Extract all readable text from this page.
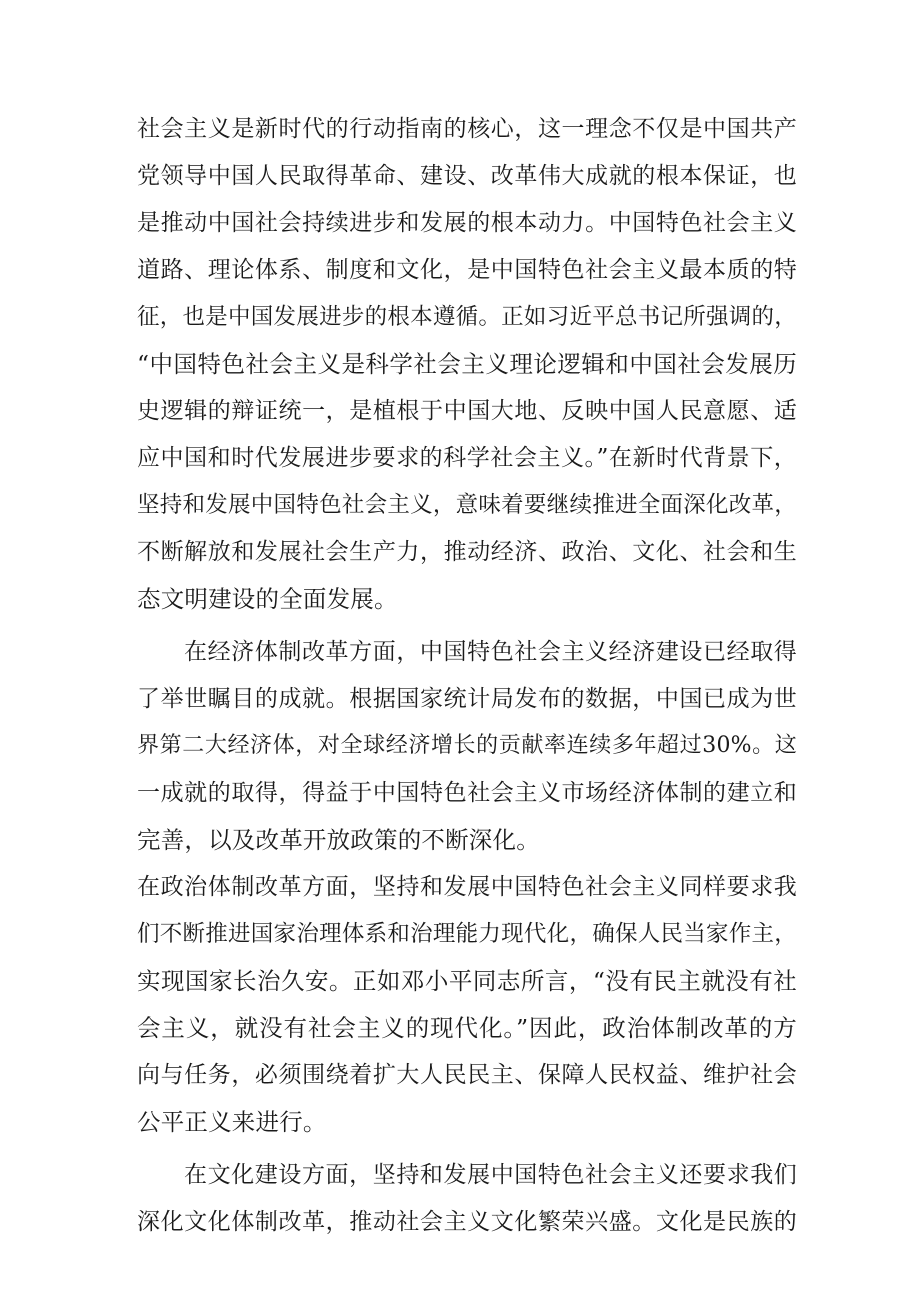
社会主义是新时代的行动指南的核心，这一理念不仅是中国共产
党领导中国人民取得革命、建设、改革伟大成就的根本保证，也
是推动中国社会持续进步和发展的根本动力。中国特色社会主义
道路、理论体系、制度和文化，是中国特色社会主义最本质的特
征，也是中国发展进步的根本遵循。正如习近平总书记所强调的，
“中国特色社会主义是科学社会主义理论逻辑和中国社会发展历
史逻辑的辩证统一，是植根于中国大地、反映中国人民意愿、适
应中国和时代发展进步要求的科学社会主义。”在新时代背景下，
坚持和发展中国特色社会主义，意味着要继续推进全面深化改革，
不断解放和发展社会生产力，推动经济、政治、文化、社会和生
态文明建设的全面发展。
在经济体制改革方面，中国特色社会主义经济建设已经取得
了举世瞩目的成就。根据国家统计局发布的数据，中国已成为世
界第二大经济体，对全球经济增长的贡献率连续多年超过30%。这
一成就的取得，得益于中国特色社会主义市场经济体制的建立和
完善，以及改革开放政策的不断深化。
在政治体制改革方面，坚持和发展中国特色社会主义同样要求我
们不断推进国家治理体系和治理能力现代化，确保人民当家作主，
实现国家长治久安。正如邓小平同志所言，“没有民主就没有社
会主义，就没有社会主义的现代化。”因此，政治体制改革的方
向与任务，必须围绕着扩大人民民主、保障人民权益、维护社会
公平正义来进行。
在文化建设方面，坚持和发展中国特色社会主义还要求我们
深化文化体制改革，推动社会主义文化繁荣兴盛。文化是民族的
